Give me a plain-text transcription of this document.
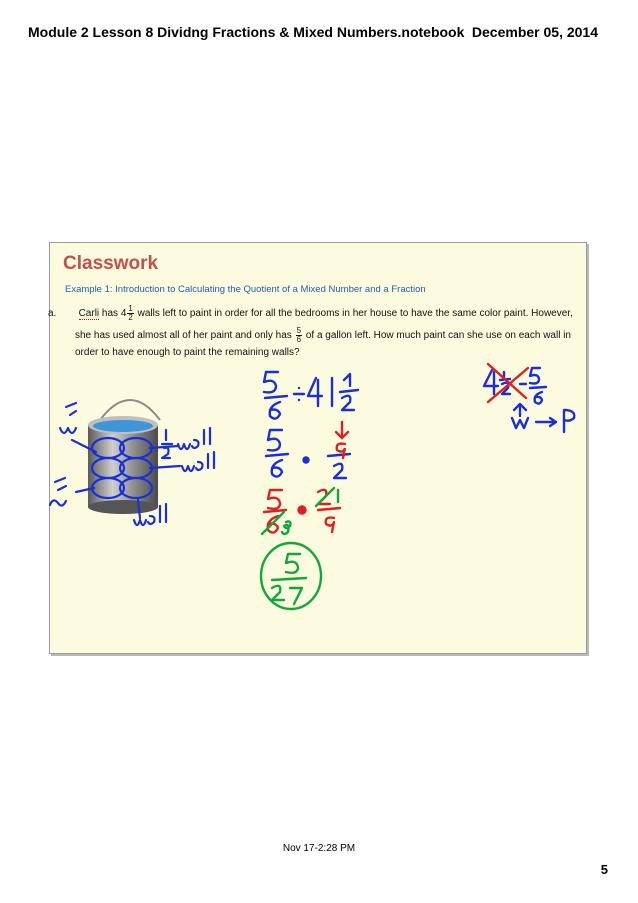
Module 2 Lesson 8 Dividng Fractions & Mixed Numbers.notebook December 05, 2014
Classwork
Example 1: Introduction to Calculating the Quotient of a Mixed Number and a Fraction
a. Carli has $4 \frac{1}{2}$ walls left to paint in order for all the bedrooms in her house to have the same color paint. However,
she has used almost all of her paint and only has $\frac{5}{6}$ of a gallon left. How much paint can she use on each wall in
order to have enough to paint the remaining walls?
Nov 17-2:28 PM
5
